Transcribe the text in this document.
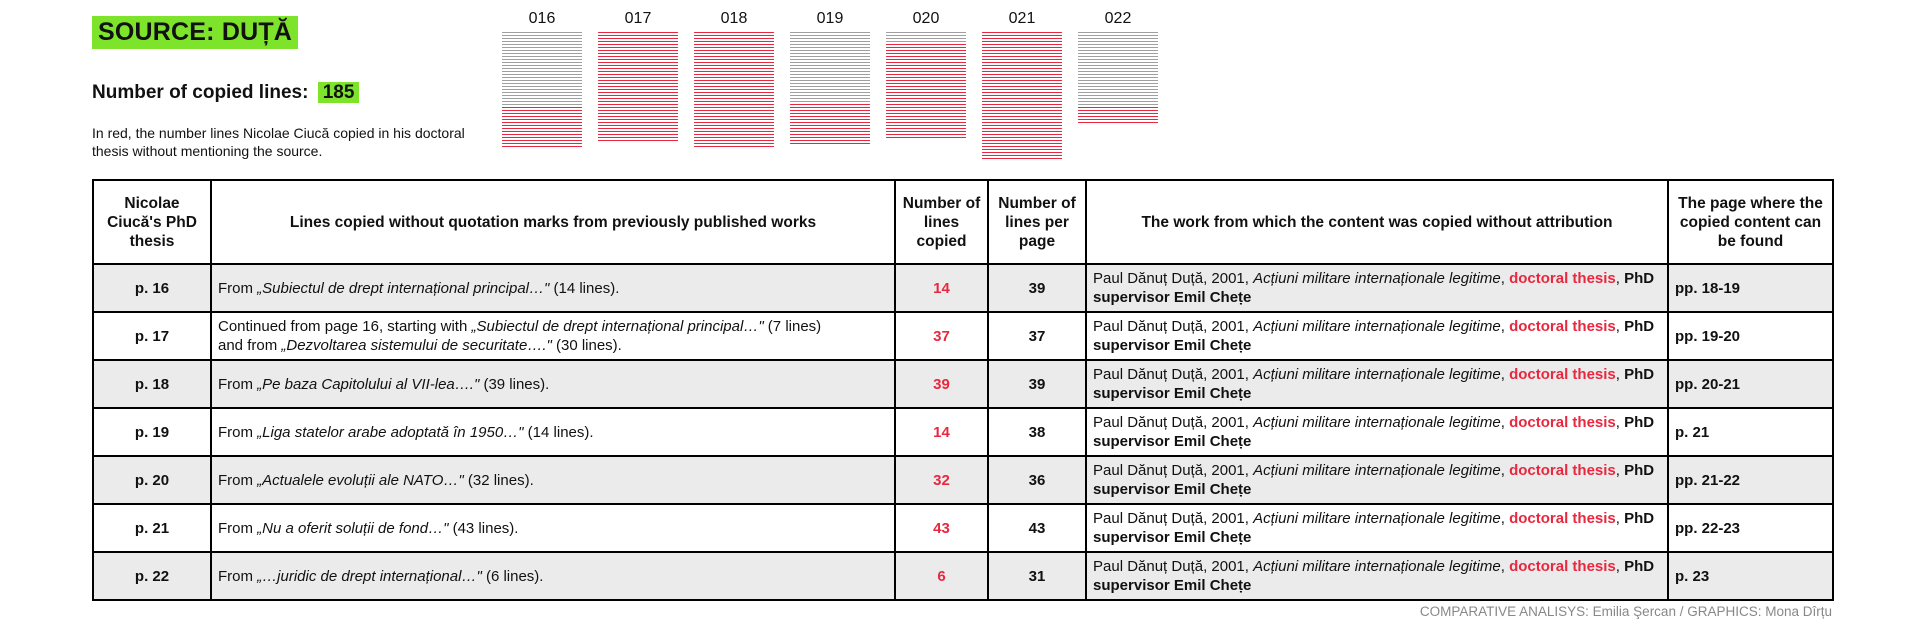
SOURCE: DUȚĂ
Number of copied lines: 185
In red, the number lines Nicolae Ciucă copied in his doctoral thesis without mentioning the source.
016	017	018	019	020	021	022
Nicolae Ciucă's PhD thesis	Lines copied without quotation marks from previously published works	Number of lines copied	Number of lines per page	The work from which the content was copied without attribution	The page where the copied content can be found
p. 16	From „Subiectul de drept internațional principal…" (14 lines).	14	39	Paul Dănuț Duță, 2001, Acțiuni militare internaționale legitime, doctoral thesis, PhD supervisor Emil Cheṭe	pp. 18-19
p. 17	Continued from page 16, starting with „Subiectul de drept internațional principal…" (7 lines)
and from „Dezvoltarea sistemului de securitate…." (30 lines).	37	37	Paul Dănuț Duță, 2001, Acțiuni militare internaționale legitime, doctoral thesis, PhD supervisor Emil Cheṭe	pp. 19-20
p. 18	From „Pe baza Capitolului al VII-lea…." (39 lines).	39	39	Paul Dănuț Duță, 2001, Acțiuni militare internaționale legitime, doctoral thesis, PhD supervisor Emil Cheṭe	pp. 20-21
p. 19	From „Liga statelor arabe adoptată în 1950…" (14 lines).	14	38	Paul Dănuț Duță, 2001, Acțiuni militare internaționale legitime, doctoral thesis, PhD supervisor Emil Cheṭe	p. 21
p. 20	From „Actualele evoluții ale NATO…" (32 lines).	32	36	Paul Dănuț Duță, 2001, Acțiuni militare internaționale legitime, doctoral thesis, PhD supervisor Emil Cheṭe	pp. 21-22
p. 21	From „Nu a oferit soluții de fond…" (43 lines).	43	43	Paul Dănuț Duță, 2001, Acțiuni militare internaționale legitime, doctoral thesis, PhD supervisor Emil Cheṭe	pp. 22-23
p. 22	From „…juridic de drept internațional…" (6 lines).	6	31	Paul Dănuț Duță, 2001, Acțiuni militare internaționale legitime, doctoral thesis, PhD supervisor Emil Cheṭe	p. 23
COMPARATIVE ANALISYS: Emilia Şercan / GRAPHICS: Mona Dîrțu
